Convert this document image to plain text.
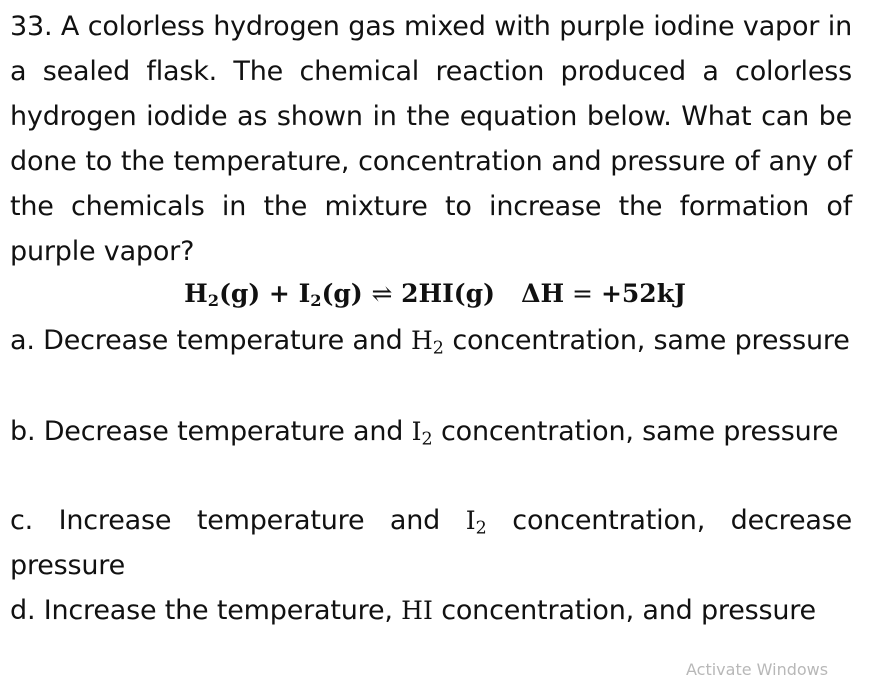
33. A colorless hydrogen gas mixed with purple iodine vapor in a sealed flask. The chemical reaction produced a colorless hydrogen iodide as shown in the equation below. What can be done to the temperature, concentration and pressure of any of the chemicals in the mixture to increase the formation of purple vapor?
$H_2(g) + I_2(g)$ ⇌ 2HI(g) ΔH = +52kJ
a. Decrease temperature and $H_2$ concentration, same pressure
b. Decrease temperature and $I_2$ concentration, same pressure
c. Increase temperature and $I_2$ concentration, decrease pressure
d. Increase the temperature, HI concentration, and pressure
Activate Windows
